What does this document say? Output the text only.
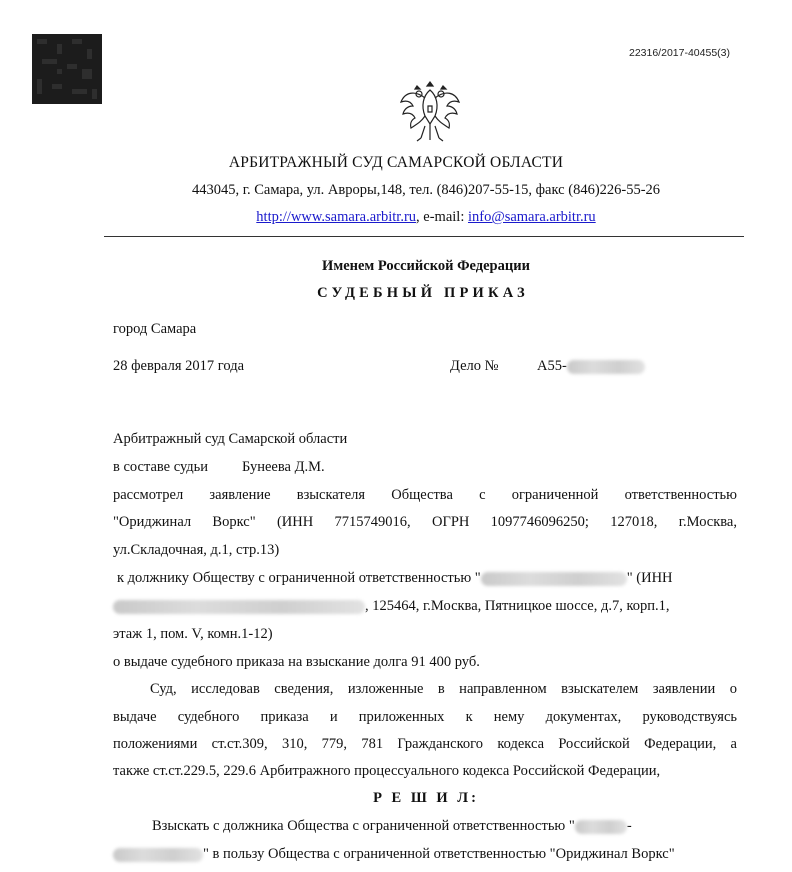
22316/2017-40455(3)
АРБИТРАЖНЫЙ СУД САМАРСКОЙ ОБЛАСТИ
443045, г. Самара, ул. Авроры,148, тел. (846)207-55-15, факс (846)226-55-26
http://www.samara.arbitr.ru, e-mail: info@samara.arbitr.ru
Именем Российской Федерации
СУДЕБНЫЙ ПРИКАЗ
город Самара
28 февраля 2017 года	Дело №	А55-
Арбитражный суд Самарской области
в составе судьи Бунеева Д.М.
рассмотрел заявление взыскателя Общества с ограниченной ответственностью
"Ориджинал Воркс" (ИНН 7715749016, ОГРН 1097746096250; 127018, г.Москва,
ул.Складочная, д.1, стр.13)
к должнику Обществу с ограниченной ответственностью "	" (ИНН
, 125464, г.Москва, Пятницкое шоссе, д.7, корп.1,
этаж 1, пом. V, комн.1-12)
о выдаче судебного приказа на взыскание долга 91 400 руб.
Суд, исследовав сведения, изложенные в направленном взыскателем заявлении о
выдаче судебного приказа и приложенных к нему документах, руководствуясь
положениями ст.ст.309, 310, 779, 781 Гражданского кодекса Российской Федерации, а
также ст.ст.229.5, 229.6 Арбитражного процессуального кодекса Российской Федерации,
Р Е Ш И Л:
Взыскать с должника Общества с ограниченной ответственностью "	-
" в пользу Общества с ограниченной ответственностью "Ориджинал Воркс"
